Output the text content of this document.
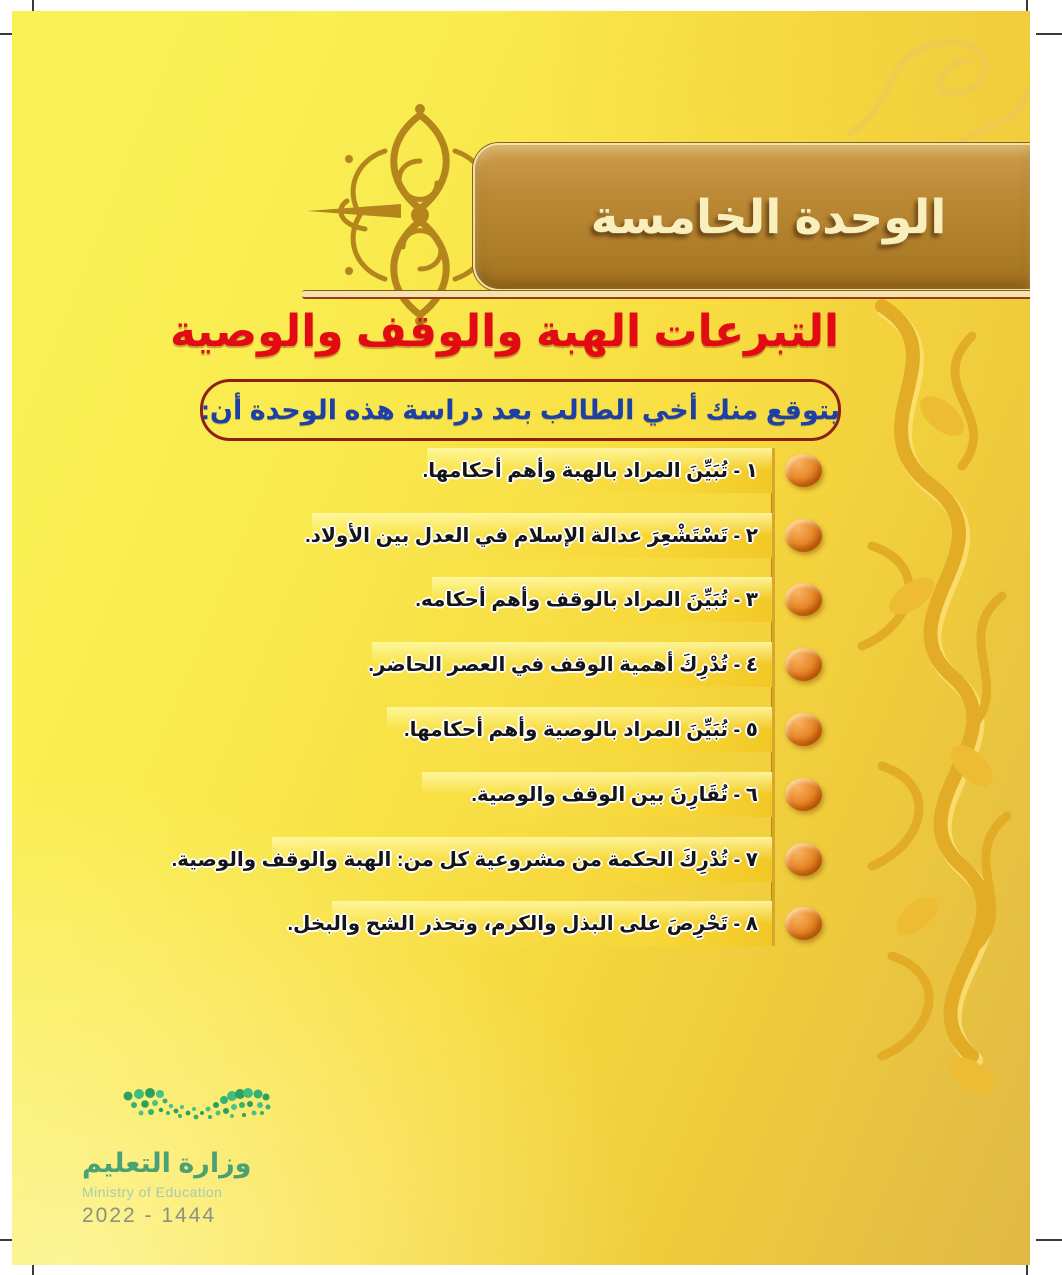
الوحدة الخامسة
التبرعات الهبة والوقف والوصية
يتوقع منك أخي الطالب بعد دراسة هذه الوحدة أن:
١ - تُبَيِّنَ المراد بالهبة وأهم أحكامها.
٢ - تَسْتَشْعِرَ عدالة الإسلام في العدل بين الأولاد.
٣ - تُبَيِّنَ المراد بالوقف وأهم أحكامه.
٤ - تُدْرِكَ أهمية الوقف في العصر الحاضر.
٥ - تُبَيِّنَ المراد بالوصية وأهم أحكامها.
٦ - تُقَارِنَ بين الوقف والوصية.
٧ - تُدْرِكَ الحكمة من مشروعية كل من: الهبة والوقف والوصية.
٨ - تَحْرِصَ على البذل والكرم، وتحذر الشح والبخل.
وزارة التعليم
Ministry of Education
2022 - 1444
